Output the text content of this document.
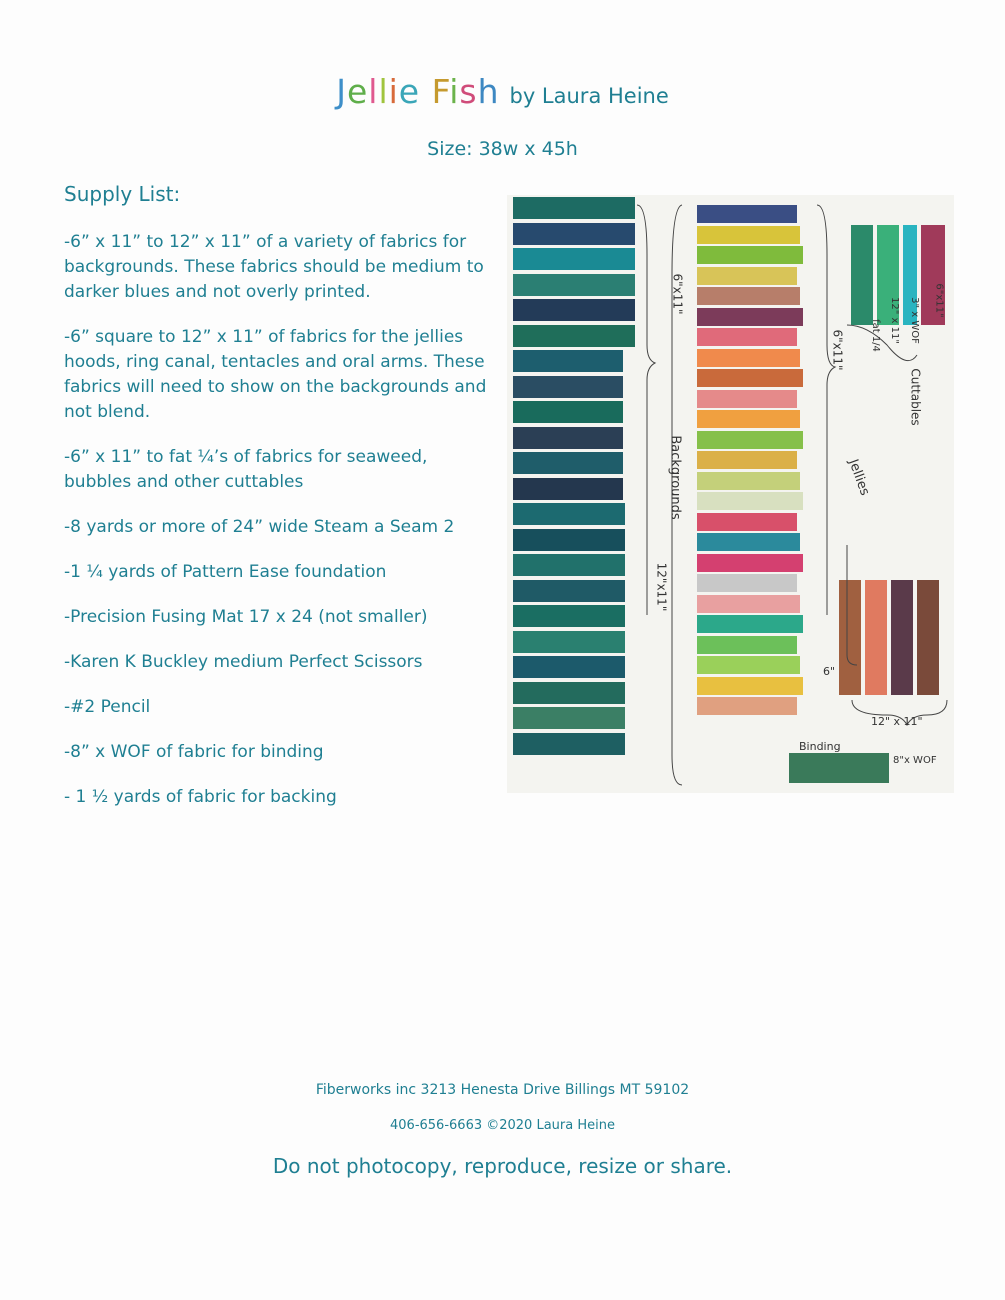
Jellie Fish by Laura Heine
Size: 38w x 45h
Supply List:
-6” x 11” to 12” x 11” of a variety of fabrics for backgrounds. These fabrics should be medium to darker blues and not overly printed.
-6” square to 12” x 11” of fabrics for the jellies hoods, ring canal, tentacles and oral arms. These fabrics will need to show on the backgrounds and not blend.
-6” x 11” to fat ¼’s of fabrics for seaweed, bubbles and other cuttables
-8 yards or more of 24” wide Steam a Seam 2
-1 ¼ yards of Pattern Ease foundation
-Precision Fusing Mat 17 x 24 (not smaller)
-Karen K Buckley medium Perfect Scissors
-#2 Pencil
-8” x WOF of fabric for binding
- 1 ½ yards of fabric for backing
6"x11"
Backgrounds
12"x11"
6"x11"
Jellies
fat 1/4 12" x 11" 3" x WOF 6"x11"
Cuttables
6"
12" x 11"
Binding
8"x WOF
Fiberworks inc 3213 Henesta Drive Billings MT 59102
406-656-6663 ©2020 Laura Heine
Do not photocopy, reproduce, resize or share.
